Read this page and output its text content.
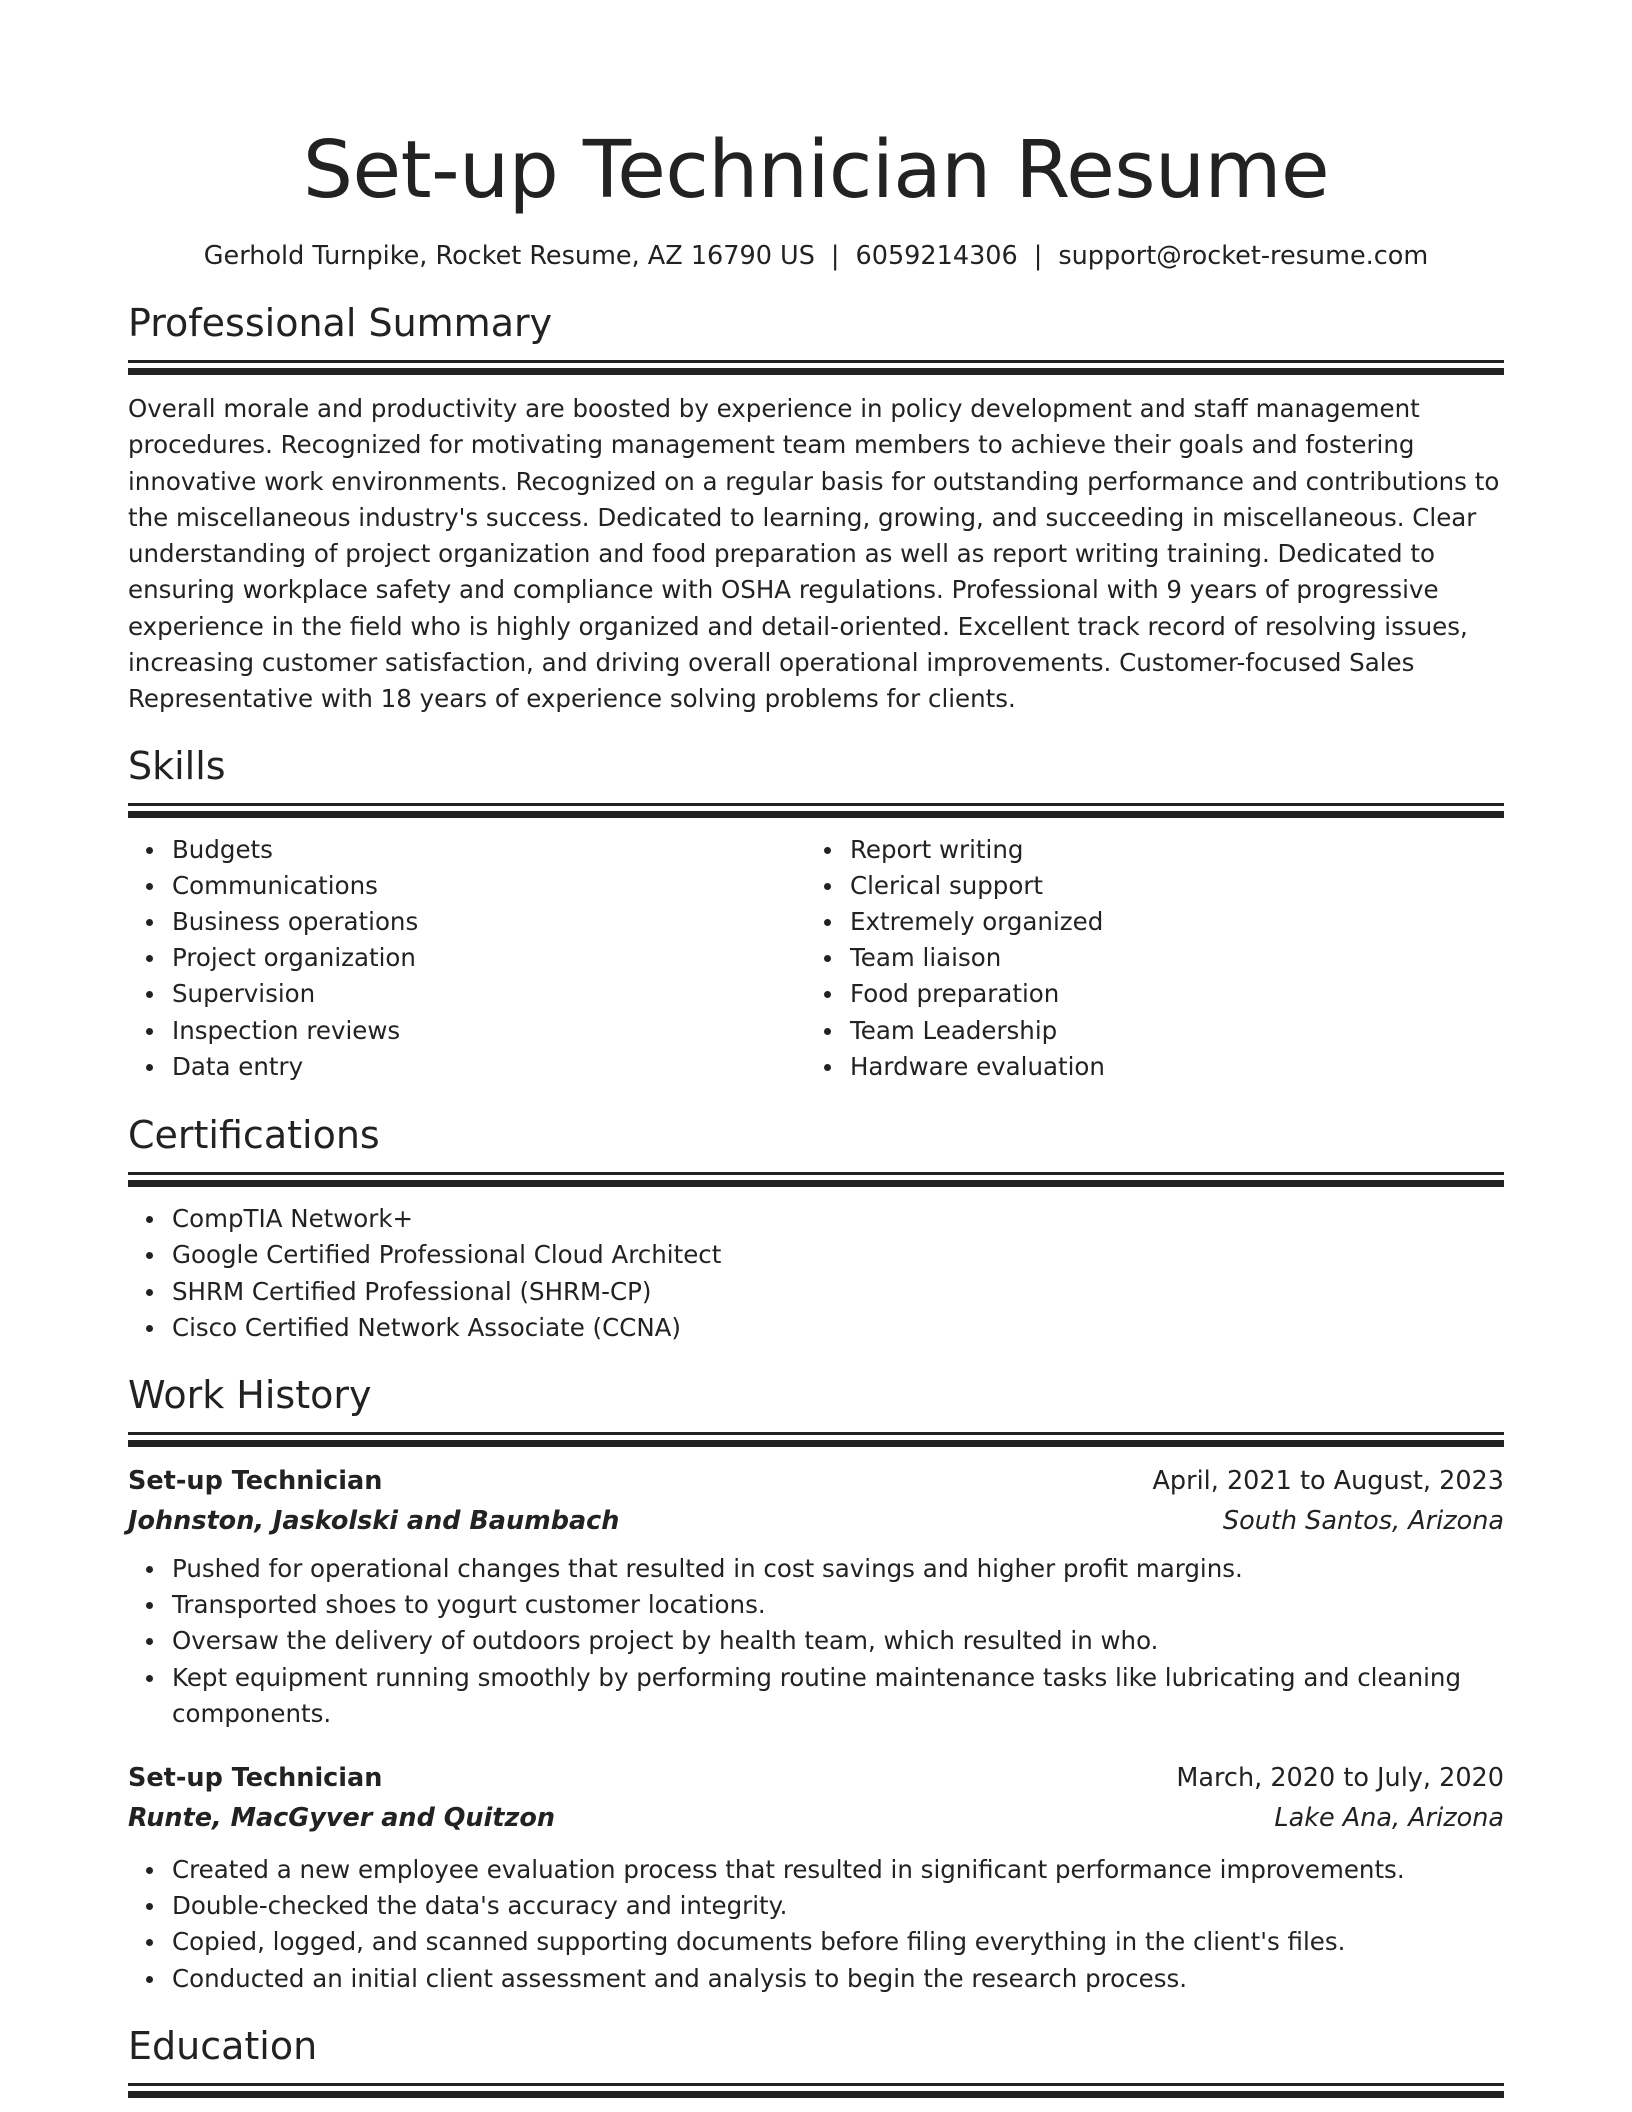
Set-up Technician Resume
Gerhold Turnpike, Rocket Resume, AZ 16790 US | 6059214306 | support@rocket-resume.com
Professional Summary

Overall morale and productivity are boosted by experience in policy development and staff management procedures. Recognized for motivating management team members to achieve their goals and fostering innovative work environments. Recognized on a regular basis for outstanding performance and contributions to the miscellaneous industry's success. Dedicated to learning, growing, and succeeding in miscellaneous. Clear understanding of project organization and food preparation as well as report writing training. Dedicated to ensuring workplace safety and compliance with OSHA regulations. Professional with 9 years of progressive experience in the field who is highly organized and detail-oriented. Excellent track record of resolving issues, increasing customer satisfaction, and driving overall operational improvements. Customer-focused Sales Representative with 18 years of experience solving problems for clients.

Skills
Budgets
Communications
Business operations
Project organization
Supervision
Inspection reviews
Data entry
Report writing
Clerical support
Extremely organized
Team liaison
Food preparation
Team Leadership
Hardware evaluation
Certifications
CompTIA Network+
Google Certified Professional Cloud Architect
SHRM Certified Professional (SHRM-CP)
Cisco Certified Network Associate (CCNA)
Work History
Set-up Technician	April, 2021 to August, 2023
Johnston, Jaskolski and Baumbach	South Santos, Arizona
Pushed for operational changes that resulted in cost savings and higher profit margins.
Transported shoes to yogurt customer locations.
Oversaw the delivery of outdoors project by health team, which resulted in who.
Kept equipment running smoothly by performing routine maintenance tasks like lubricating and cleaning components.
Set-up Technician	March, 2020 to July, 2020
Runte, MacGyver and Quitzon	Lake Ana, Arizona
Created a new employee evaluation process that resulted in significant performance improvements.
Double-checked the data's accuracy and integrity.
Copied, logged, and scanned supporting documents before filing everything in the client's files.
Conducted an initial client assessment and analysis to begin the research process.
Education
